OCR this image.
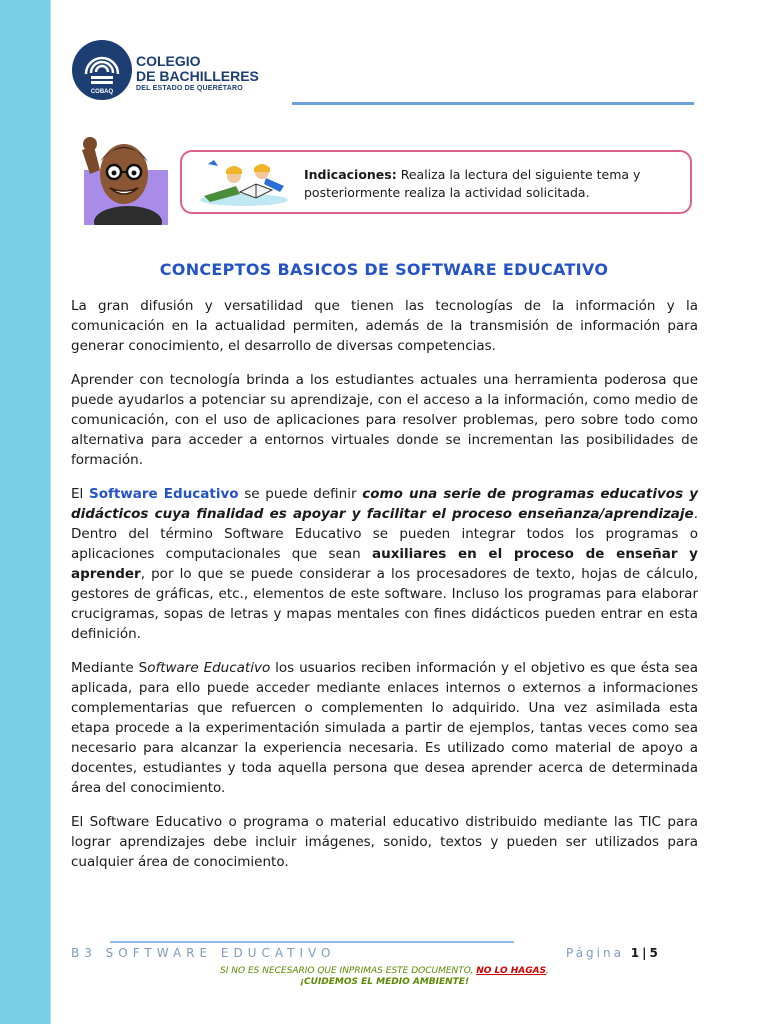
COBAQ
COLEGIO
DE BACHILLERES
DEL ESTADO DE QUERÉTARO
Indicaciones: Realiza la lectura del siguiente tema y posteriormente realiza la actividad solicitada.
CONCEPTOS BASICOS DE SOFTWARE EDUCATIVO

La gran difusión y versatilidad que tienen las tecnologías de la información y la comunicación en la actualidad permiten, además de la transmisión de información para generar conocimiento, el desarrollo de diversas competencias.

Aprender con tecnología brinda a los estudiantes actuales una herramienta poderosa que puede ayudarlos a potenciar su aprendizaje, con el acceso a la información, como medio de comunicación, con el uso de aplicaciones para resolver problemas, pero sobre todo como alternativa para acceder a entornos virtuales donde se incrementan las posibilidades de formación.

El Software Educativo se puede definir como una serie de programas educativos y didácticos cuya finalidad es apoyar y facilitar el proceso enseñanza/aprendizaje. Dentro del término Software Educativo se pueden integrar todos los programas o aplicaciones computacionales que sean auxiliares en el proceso de enseñar y aprender, por lo que se puede considerar a los procesadores de texto, hojas de cálculo, gestores de gráficas, etc., elementos de este software. Incluso los programas para elaborar crucigramas, sopas de letras y mapas mentales con fines didácticos pueden entrar en esta definición.

Mediante Software Educativo los usuarios reciben información y el objetivo es que ésta sea aplicada, para ello puede acceder mediante enlaces internos o externos a informaciones complementarias que refuercen o complementen lo adquirido. Una vez asimilada esta etapa procede a la experimentación simulada a partir de ejemplos, tantas veces como sea necesario para alcanzar la experiencia necesaria. Es utilizado como material de apoyo a docentes, estudiantes y toda aquella persona que desea aprender acerca de determinada área del conocimiento.

El Software Educativo o programa o material educativo distribuido mediante las TIC para lograr aprendizajes debe incluir imágenes, sonido, textos y pueden ser utilizados para cualquier área de conocimiento.

B3 SOFTWARE EDUCATIVO	Página 1|5
SI NO ES NECESARIO QUE INPRIMAS ESTE DOCUMENTO, NO LO HAGAS,
¡CUIDEMOS EL MEDIO AMBIENTE!
